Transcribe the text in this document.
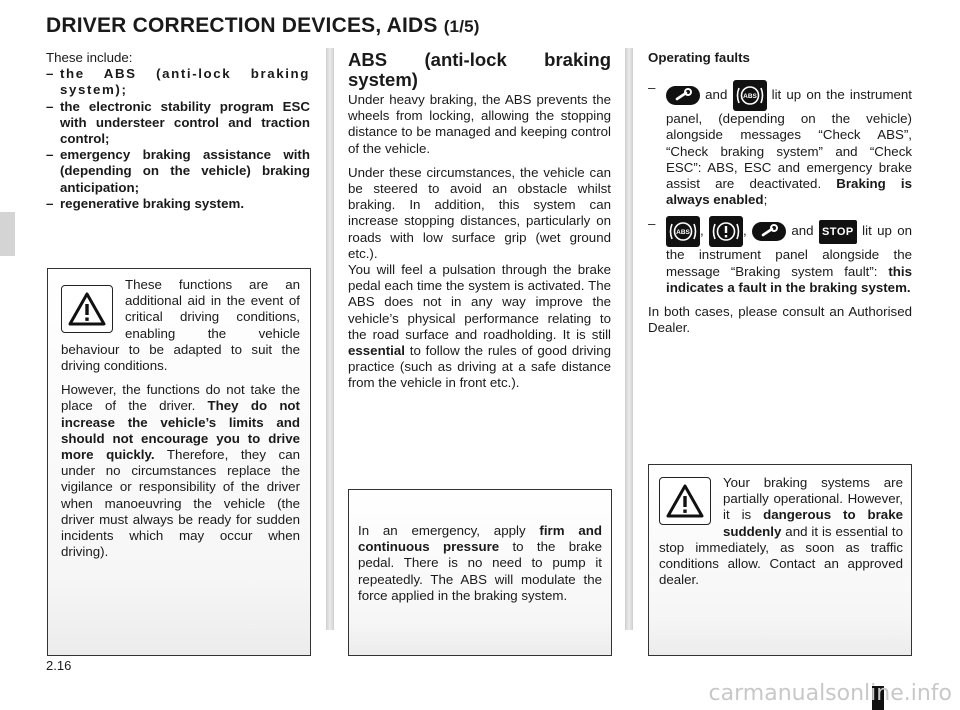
DRIVER CORRECTION DEVICES, AIDS (1/5)
These include:
– the ABS (anti-lock braking system);
– the electronic stability program ESC with understeer control and traction control;
– emergency braking assistance with (depending on the vehicle) braking anticipation;
– regenerative braking system.

These functions are an additional aid in the event of critical driving conditions, enabling the vehicle behaviour to be adapted to suit the driving conditions.

However, the functions do not take the place of the driver. They do not increase the vehicle’s limits and should not encourage you to drive more quickly. Therefore, they can under no circumstances replace the vigilance or responsibility of the driver when manoeuvring the vehicle (the driver must always be ready for sudden incidents which may occur when driving).

ABS (anti-lock braking system)

Under heavy braking, the ABS prevents the wheels from locking, allowing the stopping distance to be managed and keeping control of the vehicle.

Under these circumstances, the vehicle can be steered to avoid an obstacle whilst braking. In addition, this system can increase stopping distances, particularly on roads with low surface grip (wet ground etc.).
You will feel a pulsation through the brake pedal each time the system is activated. The ABS does not in any way improve the vehicle’s physical performance relating to the road surface and roadholding. It is still essential to follow the rules of good driving practice (such as driving at a safe distance from the vehicle in front etc.).

In an emergency, apply firm and continuous pressure to the brake pedal. There is no need to pump it repeatedly. The ABS will modulate the force applied in the braking system.

Operating faults
–	and ABS lit up on the instrument panel, (depending on the vehicle) alongside messages “Check ABS”, “Check braking system” and “Check ESC”: ABS, ESC and emergency brake assist are deactivated. Braking is always enabled;
–
ABS ,	,	and STOP lit up on the instrument panel alongside the message “Braking system fault”: this indicates a fault in the braking system.

In both cases, please consult an Authorised Dealer.

Your braking systems are partially operational. However, it is dangerous to brake suddenly and it is essential to stop immediately, as soon as traffic conditions allow. Contact an approved dealer.

2.16
carmanualsonline.info
